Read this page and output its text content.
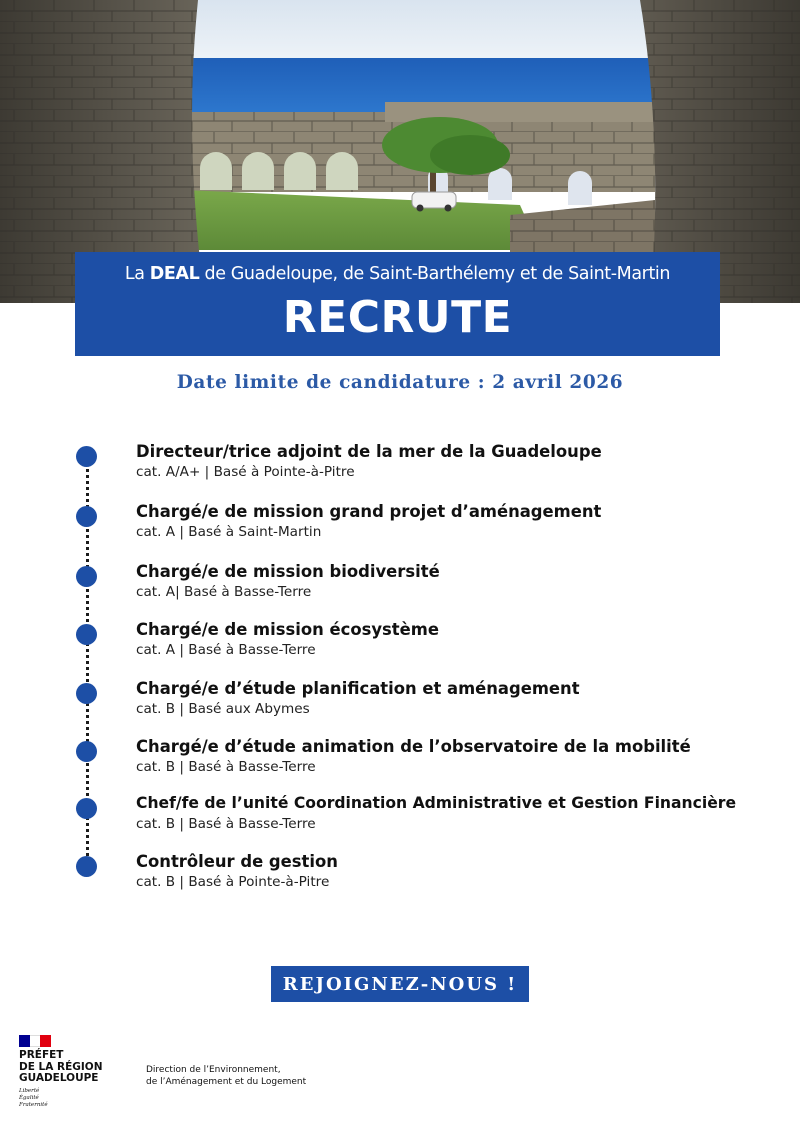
La DEAL de Guadeloupe, de Saint-Barthélemy et de Saint-Martin
RECRUTE
Date limite de candidature : 2 avril 2026
Directeur/trice adjoint de la mer de la Guadeloupe
cat. A/A+ | Basé à Pointe-à-Pitre
Chargé/e de mission grand projet d’aménagement
cat. A | Basé à Saint-Martin
Chargé/e de mission biodiversité
cat. A| Basé à Basse-Terre
Chargé/e de mission écosystème
cat. A | Basé à Basse-Terre
Chargé/e d’étude planification et aménagement
cat. B | Basé aux Abymes
Chargé/e d’étude animation de l’observatoire de la mobilité
cat. B | Basé à Basse-Terre
Chef/fe de l’unité Coordination Administrative et Gestion Financière
cat. B | Basé à Basse-Terre
Contrôleur de gestion
cat. B | Basé à Pointe-à-Pitre
REJOIGNEZ-NOUS !
PRÉFET
DE LA RÉGION
GUADELOUPE
Liberté
Égalité
Fraternité
Direction de l’Environnement,
de l’Aménagement et du Logement
